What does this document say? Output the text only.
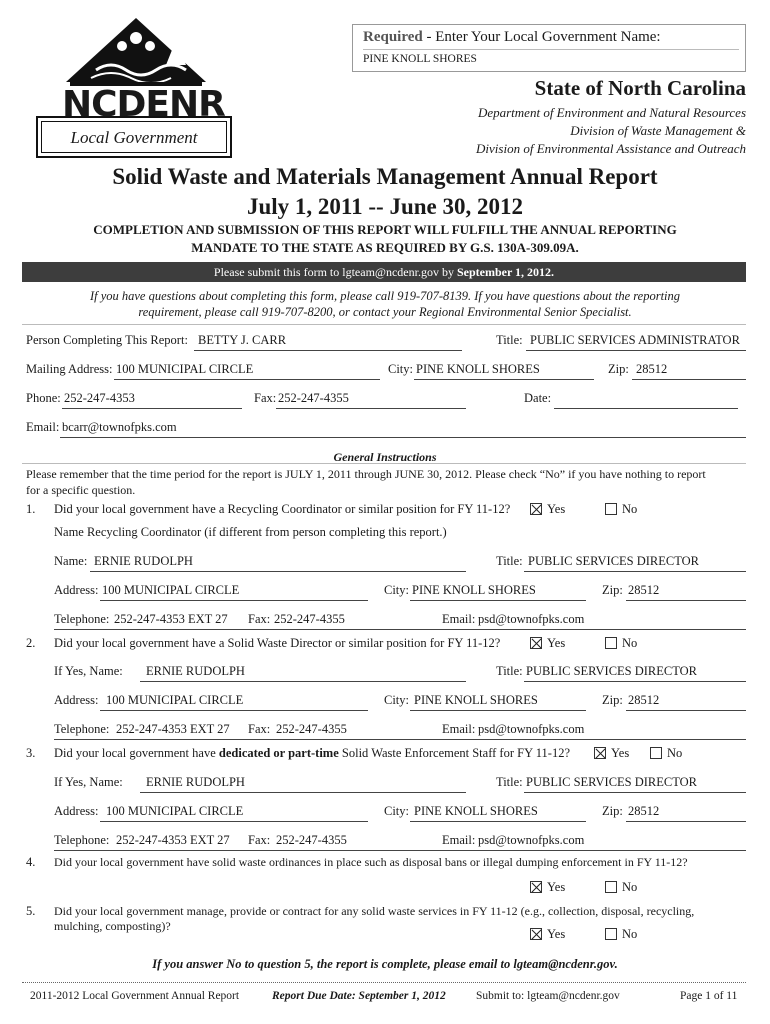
NCDENR
Local Government
Required - Enter Your Local Government Name:
PINE KNOLL SHORES
State of North Carolina
Department of Environment and Natural Resources
Division of Waste Management &
Division of Environmental Assistance and Outreach
Solid Waste and Materials Management Annual Report
July 1, 2011 -- June 30, 2012
COMPLETION AND SUBMISSION OF THIS REPORT WILL FULFILL THE ANNUAL REPORTING
MANDATE TO THE STATE AS REQUIRED BY G.S. 130A-309.09A.
Please submit this form to lgteam@ncdenr.gov by September 1, 2012.
If you have questions about completing this form, please call 919-707-8139. If you have questions about the reporting
requirement, please call 919-707-8200, or contact your Regional Environmental Senior Specialist.
Person Completing This Report: BETTY J. CARR	Title: PUBLIC SERVICES ADMINISTRATOR
Mailing Address: 100 MUNICIPAL CIRCLE	City: PINE KNOLL SHORES	Zip: 28512
Phone: 252-247-4353	Fax: 252-247-4355	Date:
Email: bcarr@townofpks.com
General Instructions
Please remember that the time period for the report is JULY 1, 2011 through JUNE 30, 2012. Please check “No” if you have nothing to report
for a specific question.
1. Did your local government have a Recycling Coordinator or similar position for FY 11-12?	Yes	No
Name Recycling Coordinator (if different from person completing this report.)
Name: ERNIE RUDOLPH	Title: PUBLIC SERVICES DIRECTOR
Address: 100 MUNICIPAL CIRCLE	City: PINE KNOLL SHORES	Zip: 28512
Telephone: 252-247-4353 EXT 27 Fax: 252-247-4355	Email: psd@townofpks.com
2. Did your local government have a Solid Waste Director or similar position for FY 11-12?	Yes	No
If Yes, Name: ERNIE RUDOLPH	Title: PUBLIC SERVICES DIRECTOR
Address: 100 MUNICIPAL CIRCLE	City: PINE KNOLL SHORES	Zip: 28512
Telephone: 252-247-4353 EXT 27 Fax: 252-247-4355	Email: psd@townofpks.com
3. Did your local government have dedicated or part-time Solid Waste Enforcement Staff for FY 11-12?	Yes	No
If Yes, Name: ERNIE RUDOLPH	Title: PUBLIC SERVICES DIRECTOR
Address: 100 MUNICIPAL CIRCLE	City: PINE KNOLL SHORES	Zip: 28512
Telephone: 252-247-4353 EXT 27 Fax: 252-247-4355	Email: psd@townofpks.com
4. Did your local government have solid waste ordinances in place such as disposal bans or illegal dumping enforcement in FY 11-12?
Yes	No
5. Did your local government manage, provide or contract for any solid waste services in FY 11-12 (e.g., collection, disposal, recycling,
mulching, composting)?
Yes	No
If you answer No to question 5, the report is complete, please email to lgteam@ncdenr.gov.
2011-2012 Local Government Annual Report	Report Due Date: September 1, 2012	Submit to: lgteam@ncdenr.gov	Page 1 of 11
